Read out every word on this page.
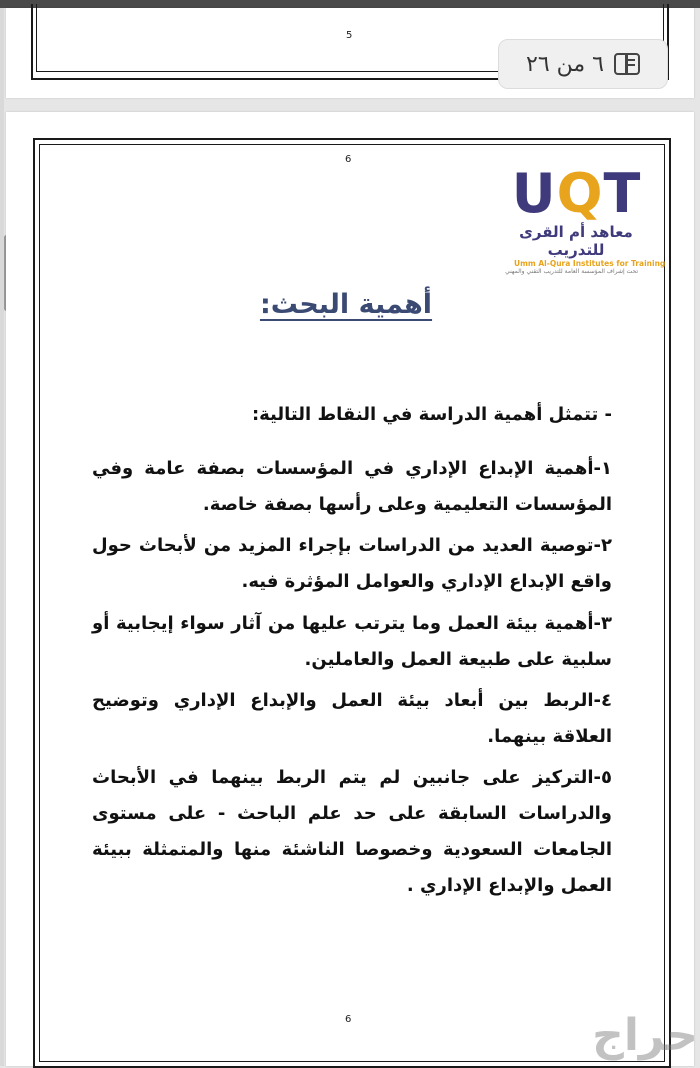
5
٦ من ٢٦
6
U Q T
معاهد أم القرى للتدريب
Umm Al-Qura Institutes for Training
تحت إشراف المؤسسة العامة للتدريب التقني والمهني
أهمية البحث:
- تتمثل أهمية الدراسة في النقاط التالية:
١-أهمية الإبداع الإداري في المؤسسات بصفة عامة وفي المؤسسات التعليمية وعلى رأسها بصفة خاصة.
٢-توصية العديد من الدراسات بإجراء المزيد من لأبحاث حول واقع الإبداع الإداري والعوامل المؤثرة فيه.
٣-أهمية بيئة العمل وما يترتب عليها من آثار سواء إيجابية أو سلبية على طبيعة العمل والعاملين.
٤-الربط بين أبعاد بيئة العمل والإبداع الإداري وتوضيح العلاقة بينهما.
٥-التركيز على جانبين لم يتم الربط بينهما في الأبحاث والدراسات السابقة على حد علم الباحث - على مستوى الجامعات السعودية وخصوصا الناشئة منها والمتمثلة ببيئة العمل والإبداع الإداري .
6	حراج
